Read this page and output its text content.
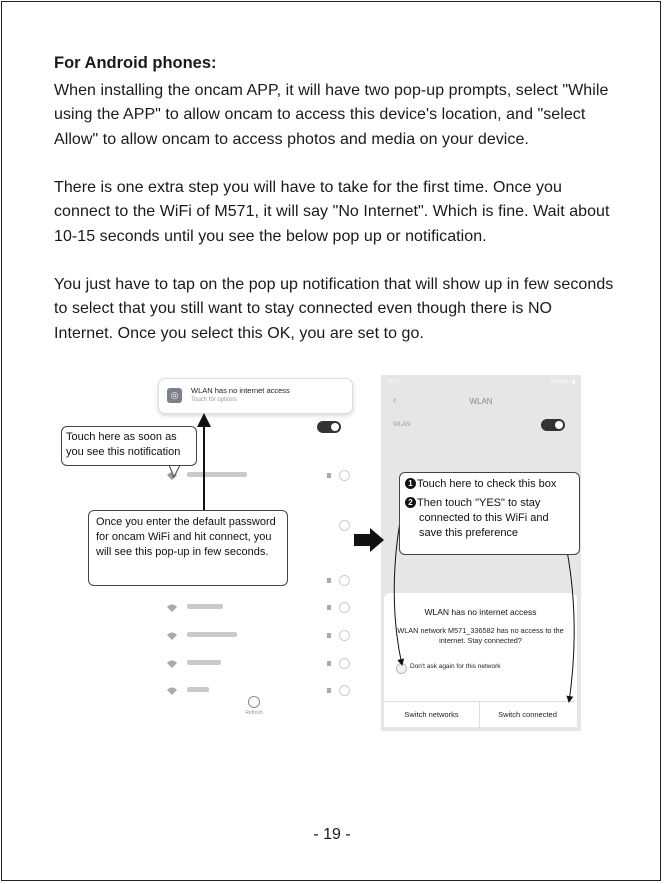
For Android phones:
When installing the oncam APP, it will have two pop-up prompts, select "While using the APP" to allow oncam to access this device's location, and "select Allow" to allow oncam to access photos and media on your device.
There is one extra step you will have to take for the first time. Once you connect to the WiFi of M571, it will say "No Internet". Which is fine. Wait about 10-15 seconds until you see the below pop up or notification.
You just have to tap on the pop up notification that will show up in few seconds to select that you still want to stay connected even though there is NO Internet. Once you select this OK, you are set to go.
◎	WLAN has no internet access
Touch for options
Refresh
10:27	0.00K/s · ▮
‹	WLAN
WLAN
WLAN has no internet access
WLAN network M571_336582 has no access to the internet. Stay connected?
Don't ask again for this network
Switch networks	Switch connected
Touch here as soon as you see this notification
Once you enter the default password for oncam WiFi and hit connect, you will see this pop-up in few seconds.
1 Touch here to check this box
2 Then touch "YES" to stay
connected to this WiFi and
save this preference
- 19 -
